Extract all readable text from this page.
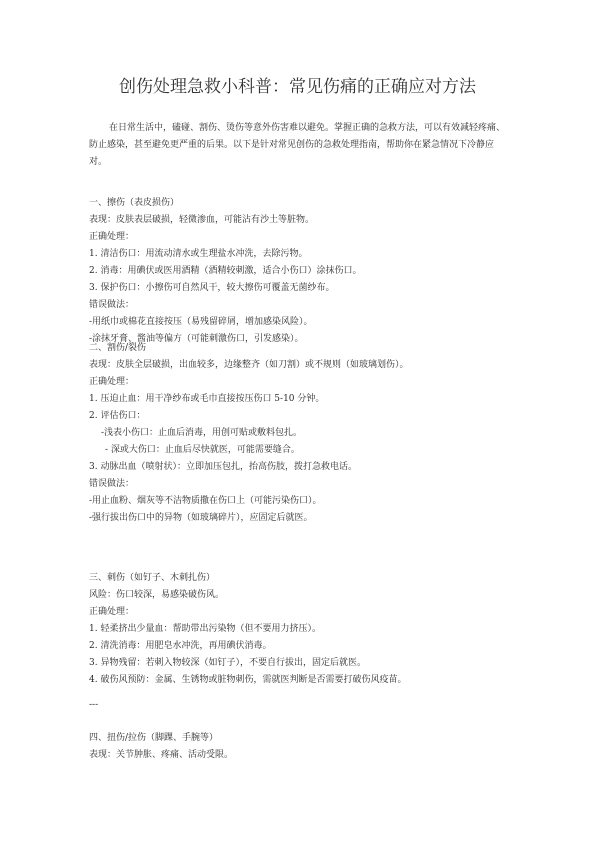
创伤处理急救小科普：常见伤痛的正确应对方法

在日常生活中，磕碰、割伤、烫伤等意外伤害难以避免。掌握正确的急救方法，可以有效减轻疼痛、防止感染，甚至避免更严重的后果。以下是针对常见创伤的急救处理指南，帮助你在紧急情况下冷静应对。

一、擦伤（表皮损伤）

表现：皮肤表层破损，轻微渗血，可能沾有沙土等脏物。

正确处理：

1. 清洁伤口：用流动清水或生理盐水冲洗，去除污物。

2. 消毒：用碘伏或医用酒精（酒精较刺激，适合小伤口）涂抹伤口。

3. 保护伤口：小擦伤可自然风干，较大擦伤可覆盖无菌纱布。

错误做法：

-用纸巾或棉花直接按压（易残留碎屑，增加感染风险）。

-涂抹牙膏、酱油等偏方（可能刺激伤口，引发感染）。

二、割伤/裂伤

表现：皮肤全层破损，出血较多，边缘整齐（如刀割）或不规则（如玻璃划伤）。

正确处理：

1. 压迫止血：用干净纱布或毛巾直接按压伤口 5-10 分钟。

2. 评估伤口：

-浅表小伤口：止血后消毒，用创可贴或敷料包扎。

- 深或大伤口：止血后尽快就医，可能需要缝合。

3. 动脉出血（喷射状）：立即加压包扎，抬高伤肢，拨打急救电话。

错误做法：

-用止血粉、烟灰等不洁物质撒在伤口上（可能污染伤口）。

-强行拔出伤口中的异物（如玻璃碎片），应固定后就医。

三、刺伤（如钉子、木刺扎伤）

风险：伤口较深，易感染破伤风。

正确处理：

1. 轻柔挤出少量血：帮助带出污染物（但不要用力挤压）。

2. 清洗消毒：用肥皂水冲洗，再用碘伏消毒。

3. 异物残留：若刺入物较深（如钉子），不要自行拔出，固定后就医。

4. 破伤风预防：金属、生锈物或脏物刺伤，需就医判断是否需要打破伤风疫苗。

---

四、扭伤/拉伤（脚踝、手腕等）

表现：关节肿胀、疼痛、活动受限。
